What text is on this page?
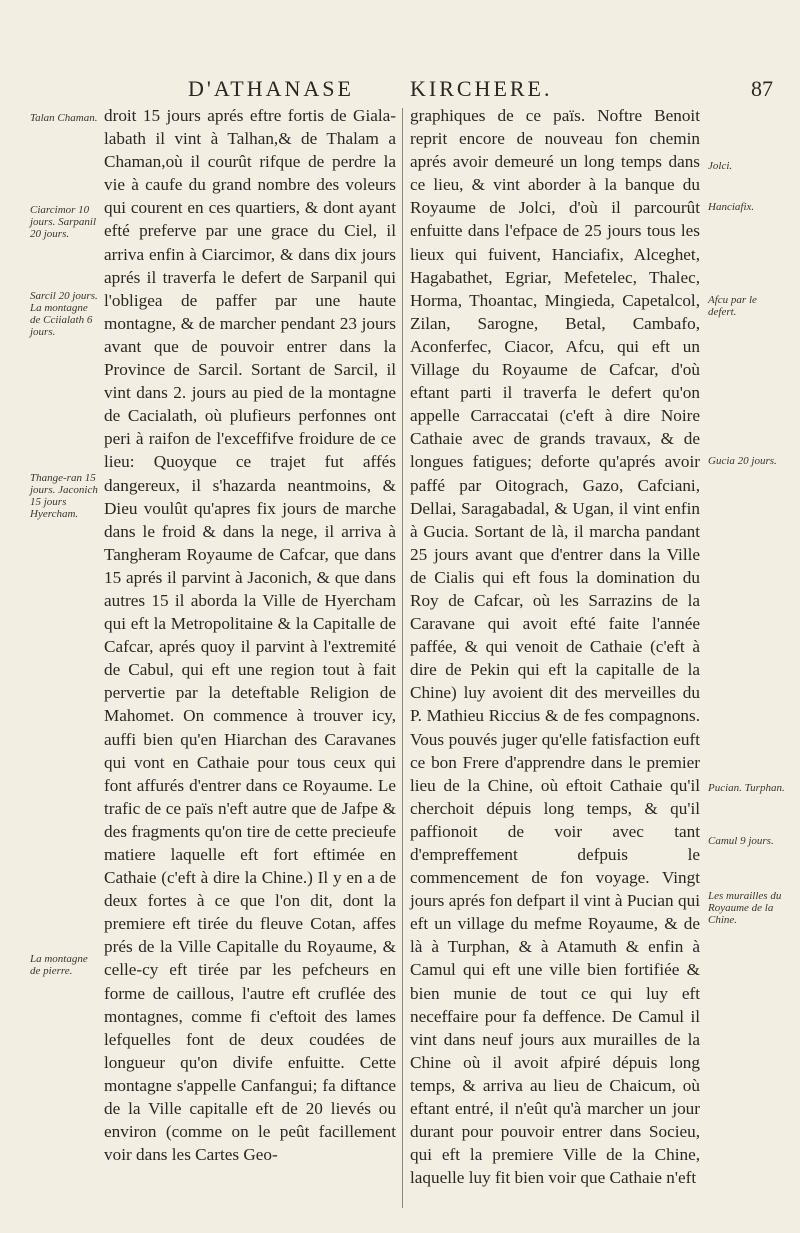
D'ATHANASE	KIRCHERE.	87
Talan Chaman.
Ciarcimor 10 jours. Sarpanil 20 jours.
Sarcil 20 jours. La montagne de Cciialath 6 jours.
Thange-ran 15 jours. Jaconich 15 jours Hyercham.
La montagne de pierre.
Jolci.
Hanciafix.
Afcu par le defert.
Gucia 20 jours.
Pucian. Turphan.
Camul 9 jours.
Les murailles du Royaume de la Chine.

droit 15 jours aprés eftre fortis de Giala-labath il vint à Talhan,& de Thalam a Chaman,où il courût rifque de perdre la vie à caufe du grand nombre des voleurs qui courent en ces quartiers, & dont ayant efté preferve par une grace du Ciel, il arriva enfin à Ciarcimor, & dans dix jours aprés il traverfa le defert de Sarpanil qui l'obligea de paffer par une haute montagne, & de marcher pendant 23 jours avant que de pouvoir entrer dans la Province de Sarcil. Sortant de Sarcil, il vint dans 2. jours au pied de la montagne de Cacialath, où plufieurs perfonnes ont peri à raifon de l'exceffifve froidure de ce lieu: Quoyque ce trajet fut affés dangereux, il s'hazarda neantmoins, & Dieu voulût qu'apres fix jours de marche dans le froid & dans la nege, il arriva à Tangheram Royaume de Cafcar, que dans 15 aprés il parvint à Jaconich, & que dans autres 15 il aborda la Ville de Hyercham qui eft la Metropolitaine & la Capitalle de Cafcar, aprés quoy il parvint à l'extremité de Cabul, qui eft une region tout à fait pervertie par la deteftable Religion de Mahomet. On commence à trouver icy, auffi bien qu'en Hiarchan des Caravanes qui vont en Cathaie pour tous ceux qui font affurés d'entrer dans ce Royaume. Le trafic de ce païs n'eft autre que de Jafpe & des fragments qu'on tire de cette precieufe matiere laquelle eft fort eftimée en Cathaie (c'eft à dire la Chine.) Il y en a de deux fortes à ce que l'on dit, dont la premiere eft tirée du fleuve Cotan, affes prés de la Ville Capitalle du Royaume, & celle-cy eft tirée par les pefcheurs en forme de caillous, l'autre eft cruflée des montagnes, comme fi c'eftoit des lames lefquelles font de deux coudées de longueur qu'on divife enfuitte. Cette montagne s'appelle Canfangui; fa diftance de la Ville capitalle eft de 20 lievés ou environ (comme on le peût facillement voir dans les Cartes Geo-

graphiques de ce païs. Noftre Benoit reprit encore de nouveau fon chemin aprés avoir demeuré un long temps dans ce lieu, & vint aborder à la banque du Royaume de Jolci, d'où il parcourût enfuitte dans l'efpace de 25 jours tous les lieux qui fuivent, Hanciafix, Alceghet, Hagabathet, Egriar, Mefetelec, Thalec, Horma, Thoantac, Mingieda, Capetalcol, Zilan, Sarogne, Betal, Cambafo, Aconferfec, Ciacor, Afcu, qui eft un Village du Royaume de Cafcar, d'où eftant parti il traverfa le defert qu'on appelle Carraccatai (c'eft à dire Noire Cathaie avec de grands travaux, & de longues fatigues; deforte qu'aprés avoir paffé par Oitograch, Gazo, Cafciani, Dellai, Saragabadal, & Ugan, il vint enfin à Gucia. Sortant de là, il marcha pandant 25 jours avant que d'entrer dans la Ville de Cialis qui eft fous la domination du Roy de Cafcar, où les Sarrazins de la Caravane qui avoit efté faite l'année paffée, & qui venoit de Cathaie (c'eft à dire de Pekin qui eft la capitalle de la Chine) luy avoient dit des merveilles du P. Mathieu Riccius & de fes compagnons. Vous pouvés juger qu'elle fatisfaction euft ce bon Frere d'apprendre dans le premier lieu de la Chine, où eftoit Cathaie qu'il cherchoit dépuis long temps, & qu'il paffionoit de voir avec tant d'empreffement defpuis le commencement de fon voyage. Vingt jours aprés fon defpart il vint à Pucian qui eft un village du mefme Royaume, & de là à Turphan, & à Atamuth & enfin à Camul qui eft une ville bien fortifiée & bien munie de tout ce qui luy eft neceffaire pour fa deffence. De Camul il vint dans neuf jours aux murailles de la Chine où il avoit afpiré dépuis long temps, & arriva au lieu de Chaicum, où eftant entré, il n'eût qu'à marcher un jour durant pour pouvoir entrer dans Socieu, qui eft la premiere Ville de la Chine, laquelle luy fit bien voir que Cathaie n'eft
